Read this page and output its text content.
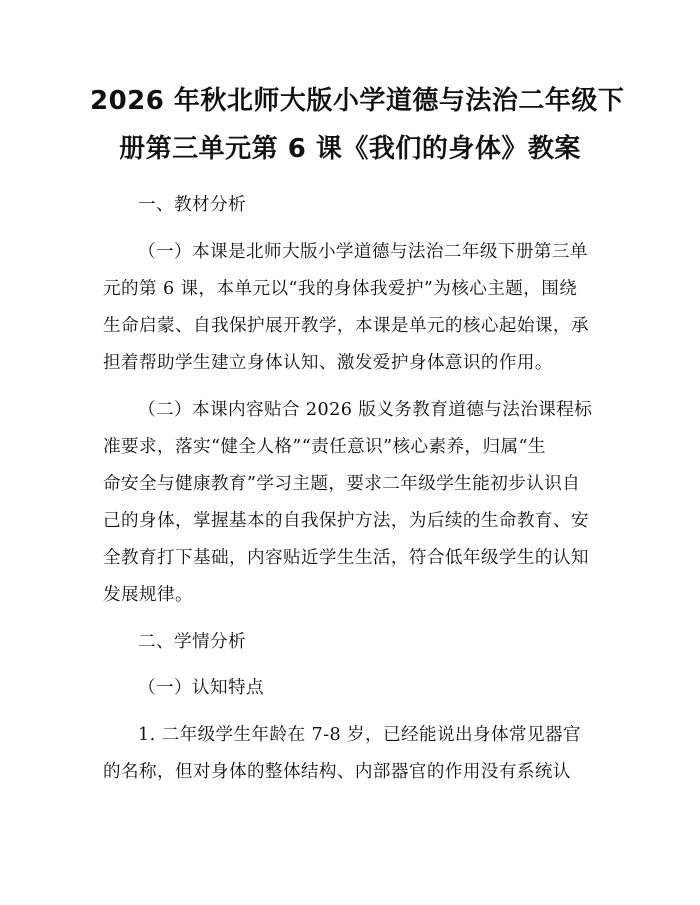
2026 年秋北师大版小学道德与法治二年级下
册第三单元第 6 课《我们的身体》教案
一、教材分析
（一）本课是北师大版小学道德与法治二年级下册第三单
元的第 6 课，本单元以“我的身体我爱护”为核心主题，围绕
生命启蒙、自我保护展开教学，本课是单元的核心起始课，承
担着帮助学生建立身体认知、激发爱护身体意识的作用。
（二）本课内容贴合 2026 版义务教育道德与法治课程标
准要求，落实“健全人格”“责任意识”核心素养，归属“生
命安全与健康教育”学习主题，要求二年级学生能初步认识自
己的身体，掌握基本的自我保护方法，为后续的生命教育、安
全教育打下基础，内容贴近学生生活，符合低年级学生的认知
发展规律。
二、学情分析
（一）认知特点
1. 二年级学生年龄在 7-8 岁，已经能说出身体常见器官
的名称，但对身体的整体结构、内部器官的作用没有系统认
